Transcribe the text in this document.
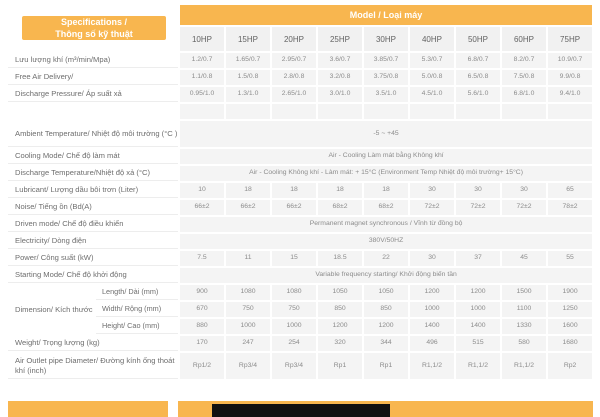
Specifications /
Thông số kỹ thuật		Model / Loại máy								
		10HP	15HP	20HP	25HP	30HP	40HP	50HP	60HP	75HP
Lưu lượng khí (m³/min/Mpa)		1.2/0.7	1.65/0.7	2.95/0.7	3.6/0.7	3.85/0.7	5.3/0.7	6.8/0.7	8.2/0.7	10.9/0.7
Free Air Delivery/		1.1/0.8	1.5/0.8	2.8/0.8	3.2/0.8	3.75/0.8	5.0/0.8	6.5/0.8	7.5/0.8	9.9/0.8
Discharge Pressure/ Áp suất xả		0.95/1.0	1.3/1.0	2.65/1.0	3.0/1.0	3.5/1.0	4.5/1.0	5.6/1.0	6.8/1.0	9.4/1.0

Ambient Temperature/ Nhiệt độ môi trường (°C )		-5 ~ +45								
Cooling Mode/ Chế độ làm mát		Air - Cooling Làm mát bằng Không khí								
Discharge Temperature/Nhiệt độ xả (°C)		Air - Cooling Không khí - Làm mát: + 15°C (Environment Temp Nhiệt độ môi trường+ 15°C)								
Lubricant/ Lượng dầu bôi trơn (Liter)		10	18	18	18	18	30	30	30	65
Noise/ Tiếng ồn (Bd(A)		66±2	66±2	66±2	68±2	68±2	72±2	72±2	72±2	78±2
Driven mode/ Chế độ điều khiển		Permanent magnet synchronous / Vĩnh từ đồng bộ								
Electricity/ Dòng điện		380V/50HZ								
Power/ Công suất (kW)		7.5	11	15	18.5	22	30	37	45	55
Starting Mode/ Chế độ khởi động		Variable frequency starting/ Khởi động biến tần								
Dimension/ Kích thước	Length/ Dài (mm)	900	1080	1080	1050	1050	1200	1200	1500	1900
	Width/ Rộng (mm)	670	750	750	850	850	1000	1000	1100	1250
	Height/ Cao (mm)	880	1000	1000	1200	1200	1400	1400	1330	1600
Weight/ Trọng lượng (kg)		170	247	254	320	344	496	515	580	1680
Air Outlet pipe Diameter/ Đường kính ống thoát khí (inch)		Rp1/2	Rp3/4	Rp3/4	Rp1	Rp1	R1,1/2	R1,1/2	R1,1/2	Rp2
